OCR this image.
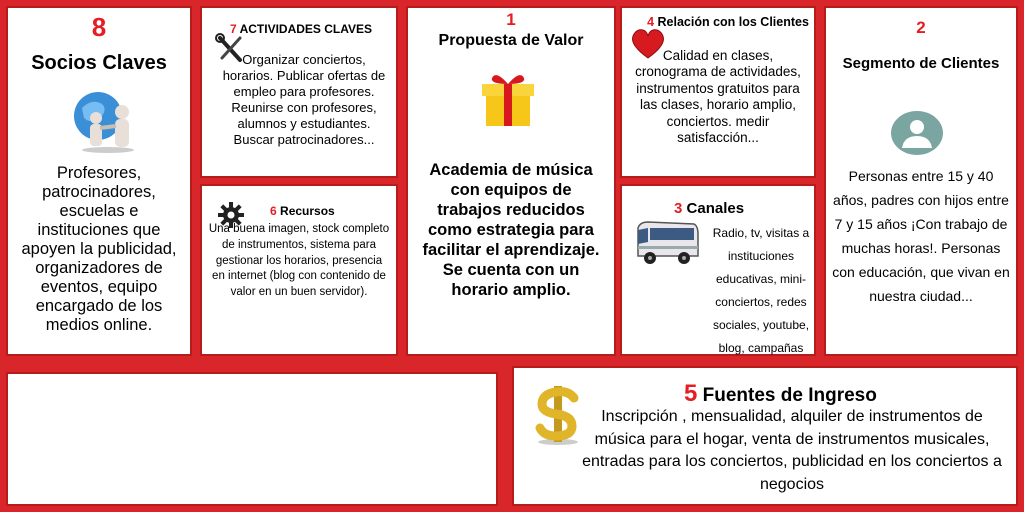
8
Socios Claves
Profesores, patrocinadores, escuelas e instituciones que apoyen la publicidad, organizadores de eventos, equipo encargado de los medios online.
7 ACTIVIDADES CLAVES
Organizar conciertos, horarios. Publicar ofertas de empleo para profesores. Reunirse con profesores, alumnos y estudiantes. Buscar patrocinadores...
6 Recursos
Una buena imagen, stock completo de instrumentos, sistema para gestionar los horarios, presencia en internet (blog con contenido de valor en un buen servidor).
1
Propuesta de Valor
Academia de música con equipos de trabajos reducidos como estrategia para facilitar el aprendizaje. Se cuenta con un horario amplio.
4 Relación con los Clientes
Calidad en clases, cronograma de actividades, instrumentos gratuitos para las clases, horario amplio, conciertos. medir satisfacción...
3 Canales
Radio, tv, visitas a instituciones educativas, mini-conciertos, redes sociales, youtube, blog, campañas
2
Segmento de Clientes
Personas entre 15 y 40 años, padres con hijos entre 7 y 15 años ¡Con trabajo de muchas horas!. Personas con educación, que vivan en nuestra ciudad...
5 Fuentes de Ingreso
Inscripción , mensualidad, alquiler de instrumentos de música para el hogar, venta de instrumentos musicales, entradas para los conciertos, publicidad en los conciertos a negocios
